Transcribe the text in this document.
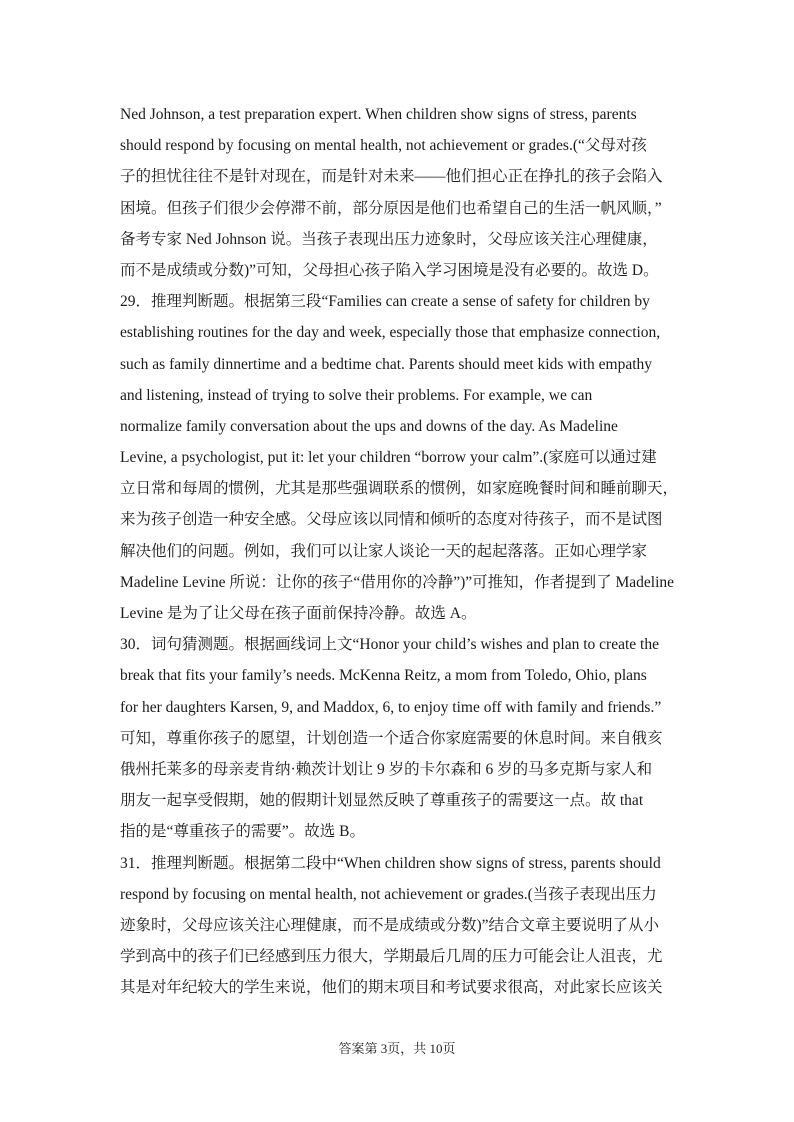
Ned Johnson, a test preparation expert. When children show signs of stress, parents
should respond by focusing on mental health, not achievement or grades.(“父母对孩
子的担忧往往不是针对现在，而是针对未来——他们担心正在挣扎的孩子会陷入
困境。但孩子们很少会停滞不前，部分原因是他们也希望自己的生活一帆风顺，”
备考专家 Ned Johnson 说。当孩子表现出压力迹象时，父母应该关注心理健康，
而不是成绩或分数)”可知，父母担心孩子陷入学习困境是没有必要的。故选 D。
29．推理判断题。根据第三段“Families can create a sense of safety for children by
establishing routines for the day and week, especially those that emphasize connection,
such as family dinnertime and a bedtime chat. Parents should meet kids with empathy
and listening, instead of trying to solve their problems. For example, we can
normalize family conversation about the ups and downs of the day. As Madeline
Levine, a psychologist, put it: let your children “borrow your calm”.(家庭可以通过建
立日常和每周的惯例，尤其是那些强调联系的惯例，如家庭晚餐时间和睡前聊天，
来为孩子创造一种安全感。父母应该以同情和倾听的态度对待孩子，而不是试图
解决他们的问题。例如，我们可以让家人谈论一天的起起落落。正如心理学家
Madeline Levine 所说：让你的孩子“借用你的冷静”)”可推知，作者提到了 Madeline
Levine 是为了让父母在孩子面前保持冷静。故选 A。
30．词句猜测题。根据画线词上文“Honor your child’s wishes and plan to create the
break that fits your family’s needs. McKenna Reitz, a mom from Toledo, Ohio, plans
for her daughters Karsen, 9, and Maddox, 6, to enjoy time off with family and friends.”
可知，尊重你孩子的愿望，计划创造一个适合你家庭需要的休息时间。来自俄亥
俄州托莱多的母亲麦肯纳·赖茨计划让 9 岁的卡尔森和 6 岁的马多克斯与家人和
朋友一起享受假期，她的假期计划显然反映了尊重孩子的需要这一点。故 that
指的是“尊重孩子的需要”。故选 B。
31．推理判断题。根据第二段中“When children show signs of stress, parents should
respond by focusing on mental health, not achievement or grades.(当孩子表现出压力
迹象时，父母应该关注心理健康，而不是成绩或分数)”结合文章主要说明了从小
学到高中的孩子们已经感到压力很大，学期最后几周的压力可能会让人沮丧，尤
其是对年纪较大的学生来说，他们的期末项目和考试要求很高，对此家长应该关
答案第 3页，共 10页
